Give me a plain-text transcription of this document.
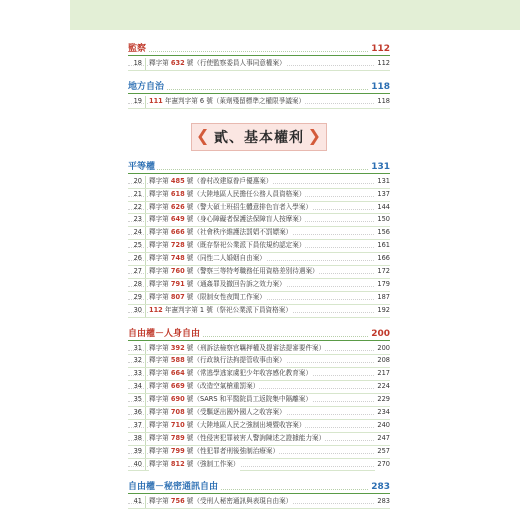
監察	112
18 釋字第 632 號（行使監察委員人事同意權案）	112
地方自治	118
19 111 年憲判字第 6 號（萊劑殘留標準之權限爭議案）	118
❮ 貳、基本權利 ❯
平等權	131
20 釋字第 485 號（眷村改建原眷戶優惠案）	131
21 釋字第 618 號（大陸地區人民擔任公務人員資格案）	137
22 釋字第 626 號（警大碩士班招生體意排色盲者入學案）	144
23 釋字第 649 號（身心障礙者保護法保障盲人按摩案）	150
24 釋字第 666 號（社會秩序維護法罰娼不罰嫖案）	156
25 釋字第 728 號（既存祭祀公業派下員依規約認定案）	161
26 釋字第 748 號（同性二人婚姻自由案）	166
27 釋字第 760 號（警察三等特考職務任用資格差別待遇案）	172
28 釋字第 791 號（通姦罪及撤回告訴之效力案）	179
29 釋字第 807 號（限制女性夜間工作案）	187
30 112 年憲判字第 1 號（祭祀公業派下員資格案）	192
自由權－人身自由	200
31 釋字第 392 號（刑訴法檢察官羈押權及提審法提審要件案）	200
32 釋字第 588 號（行政執行法拘提管收事由案）	208
33 釋字第 664 號（常逃學逃家虞犯少年收容感化教育案）	217
34 釋字第 669 號（改造空氣槍重罰案）	224
35 釋字第 690 號（SARS 和平醫院員工返院集中隔離案）	229
36 釋字第 708 號（受驅逐出國外國人之收容案）	234
37 釋字第 710 號（大陸地區人民之強制出境暨收容案）	240
38 釋字第 789 號（性侵害犯罪被害人警詢陳述之證據能力案）	247
39 釋字第 799 號（性犯罪者刑後強制治療案）	257
40 釋字第 812 號（強制工作案）	270
自由權－秘密通訊自由	283
41 釋字第 756 號（受刑人秘密通訊與表現自由案）	283
